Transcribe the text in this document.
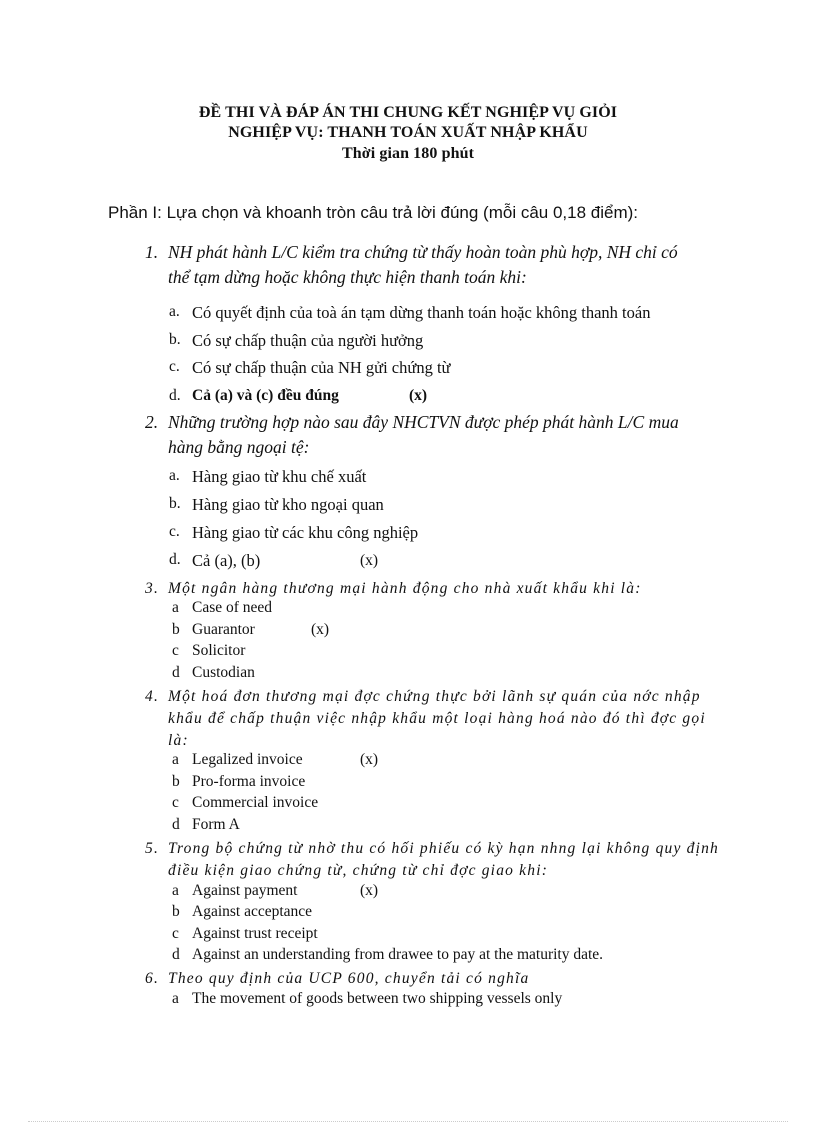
ĐỀ THI VÀ ĐÁP ÁN THI CHUNG KẾT NGHIỆP VỤ GIỎI
NGHIỆP VỤ: THANH TOÁN XUẤT NHẬP KHẨU
Thời gian 180 phút
Phần I: Lựa chọn và khoanh tròn câu trả lời đúng (mỗi câu 0,18 điểm):
1. NH phát hành L/C kiểm tra chứng từ thấy hoàn toàn phù hợp, NH chỉ có
thể tạm dừng hoặc không thực hiện thanh toán khi:
a. Có quyết định của toà án tạm dừng thanh toán hoặc không thanh toán
b. Có sự chấp thuận của người hưởng
c. Có sự chấp thuận của NH gửi chứng từ
d. Cả (a) và (c) đều đúng	(x)
2. Những trường hợp nào sau đây NHCTVN được phép phát hành L/C mua
hàng bằng ngoại tệ:
a. Hàng giao từ khu chế xuất
b. Hàng giao từ kho ngoại quan
c. Hàng giao từ các khu công nghiệp
d. Cả (a), (b)	(x)
3. Một ngân hàng thương mại hành động cho nhà xuất khẩu khi là:
a Case of need
b Guarantor	(x)
c Solicitor
d Custodian
4. Một hoá đơn thương mại đợc chứng thực bởi lãnh sự quán của nớc nhập
khẩu để chấp thuận việc nhập khẩu một loại hàng hoá nào đó thì đợc gọi
là:
a Legalized invoice	(x)
b Pro-forma invoice
c Commercial invoice
d Form A
5. Trong bộ chứng từ nhờ thu có hối phiếu có kỳ hạn nhng lại không quy định
điều kiện giao chứng từ, chứng từ chỉ đợc giao khi:
a Against payment	(x)
b Against acceptance
c Against trust receipt
d Against an understanding from drawee to pay at the maturity date.
6. Theo quy định của UCP 600, chuyển tải có nghĩa
a The movement of goods between two shipping vessels only
